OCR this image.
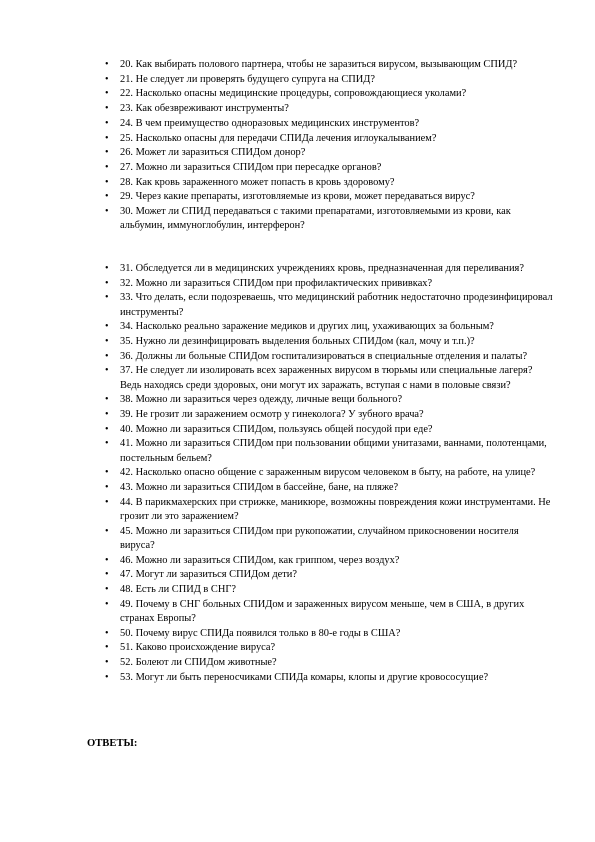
• 20. Как выбирать полового партнера, чтобы не заразиться вирусом, вызывающим СПИД?
• 21. Не следует ли проверять будущего супруга на СПИД?
• 22. Насколько опасны медицинские процедуры, сопровождающиеся уколами?
• 23. Как обезвреживают инструменты?
• 24. В чем преимущество одноразовых медицинских инструментов?
• 25. Насколько опасны для передачи СПИДа лечения иглоукалыванием?
• 26. Может ли заразиться СПИДом донор?
• 27. Можно ли заразиться СПИДом при пересадке органов?
• 28. Как кровь зараженного может попасть в кровь здоровому?
• 29. Через какие препараты, изготовляемые из крови, может передаваться вирус?
• 30. Может ли СПИД передаваться с такими препаратами, изготовляемыми из крови, как альбумин, иммуноглобулин, интерферон?
• 31. Обследуется ли в медицинских учреждениях кровь, предназначенная для переливания?
• 32. Можно ли заразиться СПИДом при профилактических прививках?
• 33. Что делать, если подозреваешь, что медицинский работник недостаточно продезинфицировал инструменты?
• 34. Насколько реально заражение медиков и других лиц, ухаживающих за больным?
• 35. Нужно ли дезинфицировать выделения больных СПИДом (кал, мочу и т.п.)?
• 36. Должны ли больные СПИДом госпитализироваться в специальные отделения и палаты?
• 37. Не следует ли изолировать всех зараженных вирусом в тюрьмы или специальные лагеря? Ведь находясь среди здоровых, они могут их заражать, вступая с нами в половые связи?
• 38. Можно ли заразиться через одежду, личные вещи больного?
• 39. Не грозит ли заражением осмотр у гинеколога? У зубного врача?
• 40. Можно ли заразиться СПИДом, пользуясь общей посудой при еде?
• 41. Можно ли заразиться СПИДом при пользовании общими унитазами, ваннами, полотенцами, постельным бельем?
• 42. Насколько опасно общение с зараженным вирусом человеком в быту, на работе, на улице?
• 43. Можно ли заразиться СПИДом в бассейне, бане, на пляже?
• 44. В парикмахерских при стрижке, маникюре, возможны повреждения кожи инструментами. Не грозит ли это заражением?
• 45. Можно ли заразиться СПИДом при рукопожатии, случайном прикосновении носителя вируса?
• 46. Можно ли заразиться СПИДом, как гриппом, через воздух?
• 47. Могут ли заразиться СПИДом дети?
• 48. Есть ли СПИД в СНГ?
• 49. Почему в СНГ больных СПИДом и зараженных вирусом меньше, чем в США, в других странах Европы?
• 50. Почему вирус СПИДа появился только в 80-е годы в США?
• 51. Каково происхождение вируса?
• 52. Болеют ли СПИДом животные?
• 53. Могут ли быть переносчиками СПИДа комары, клопы и другие кровососущие?
ОТВЕТЫ:
